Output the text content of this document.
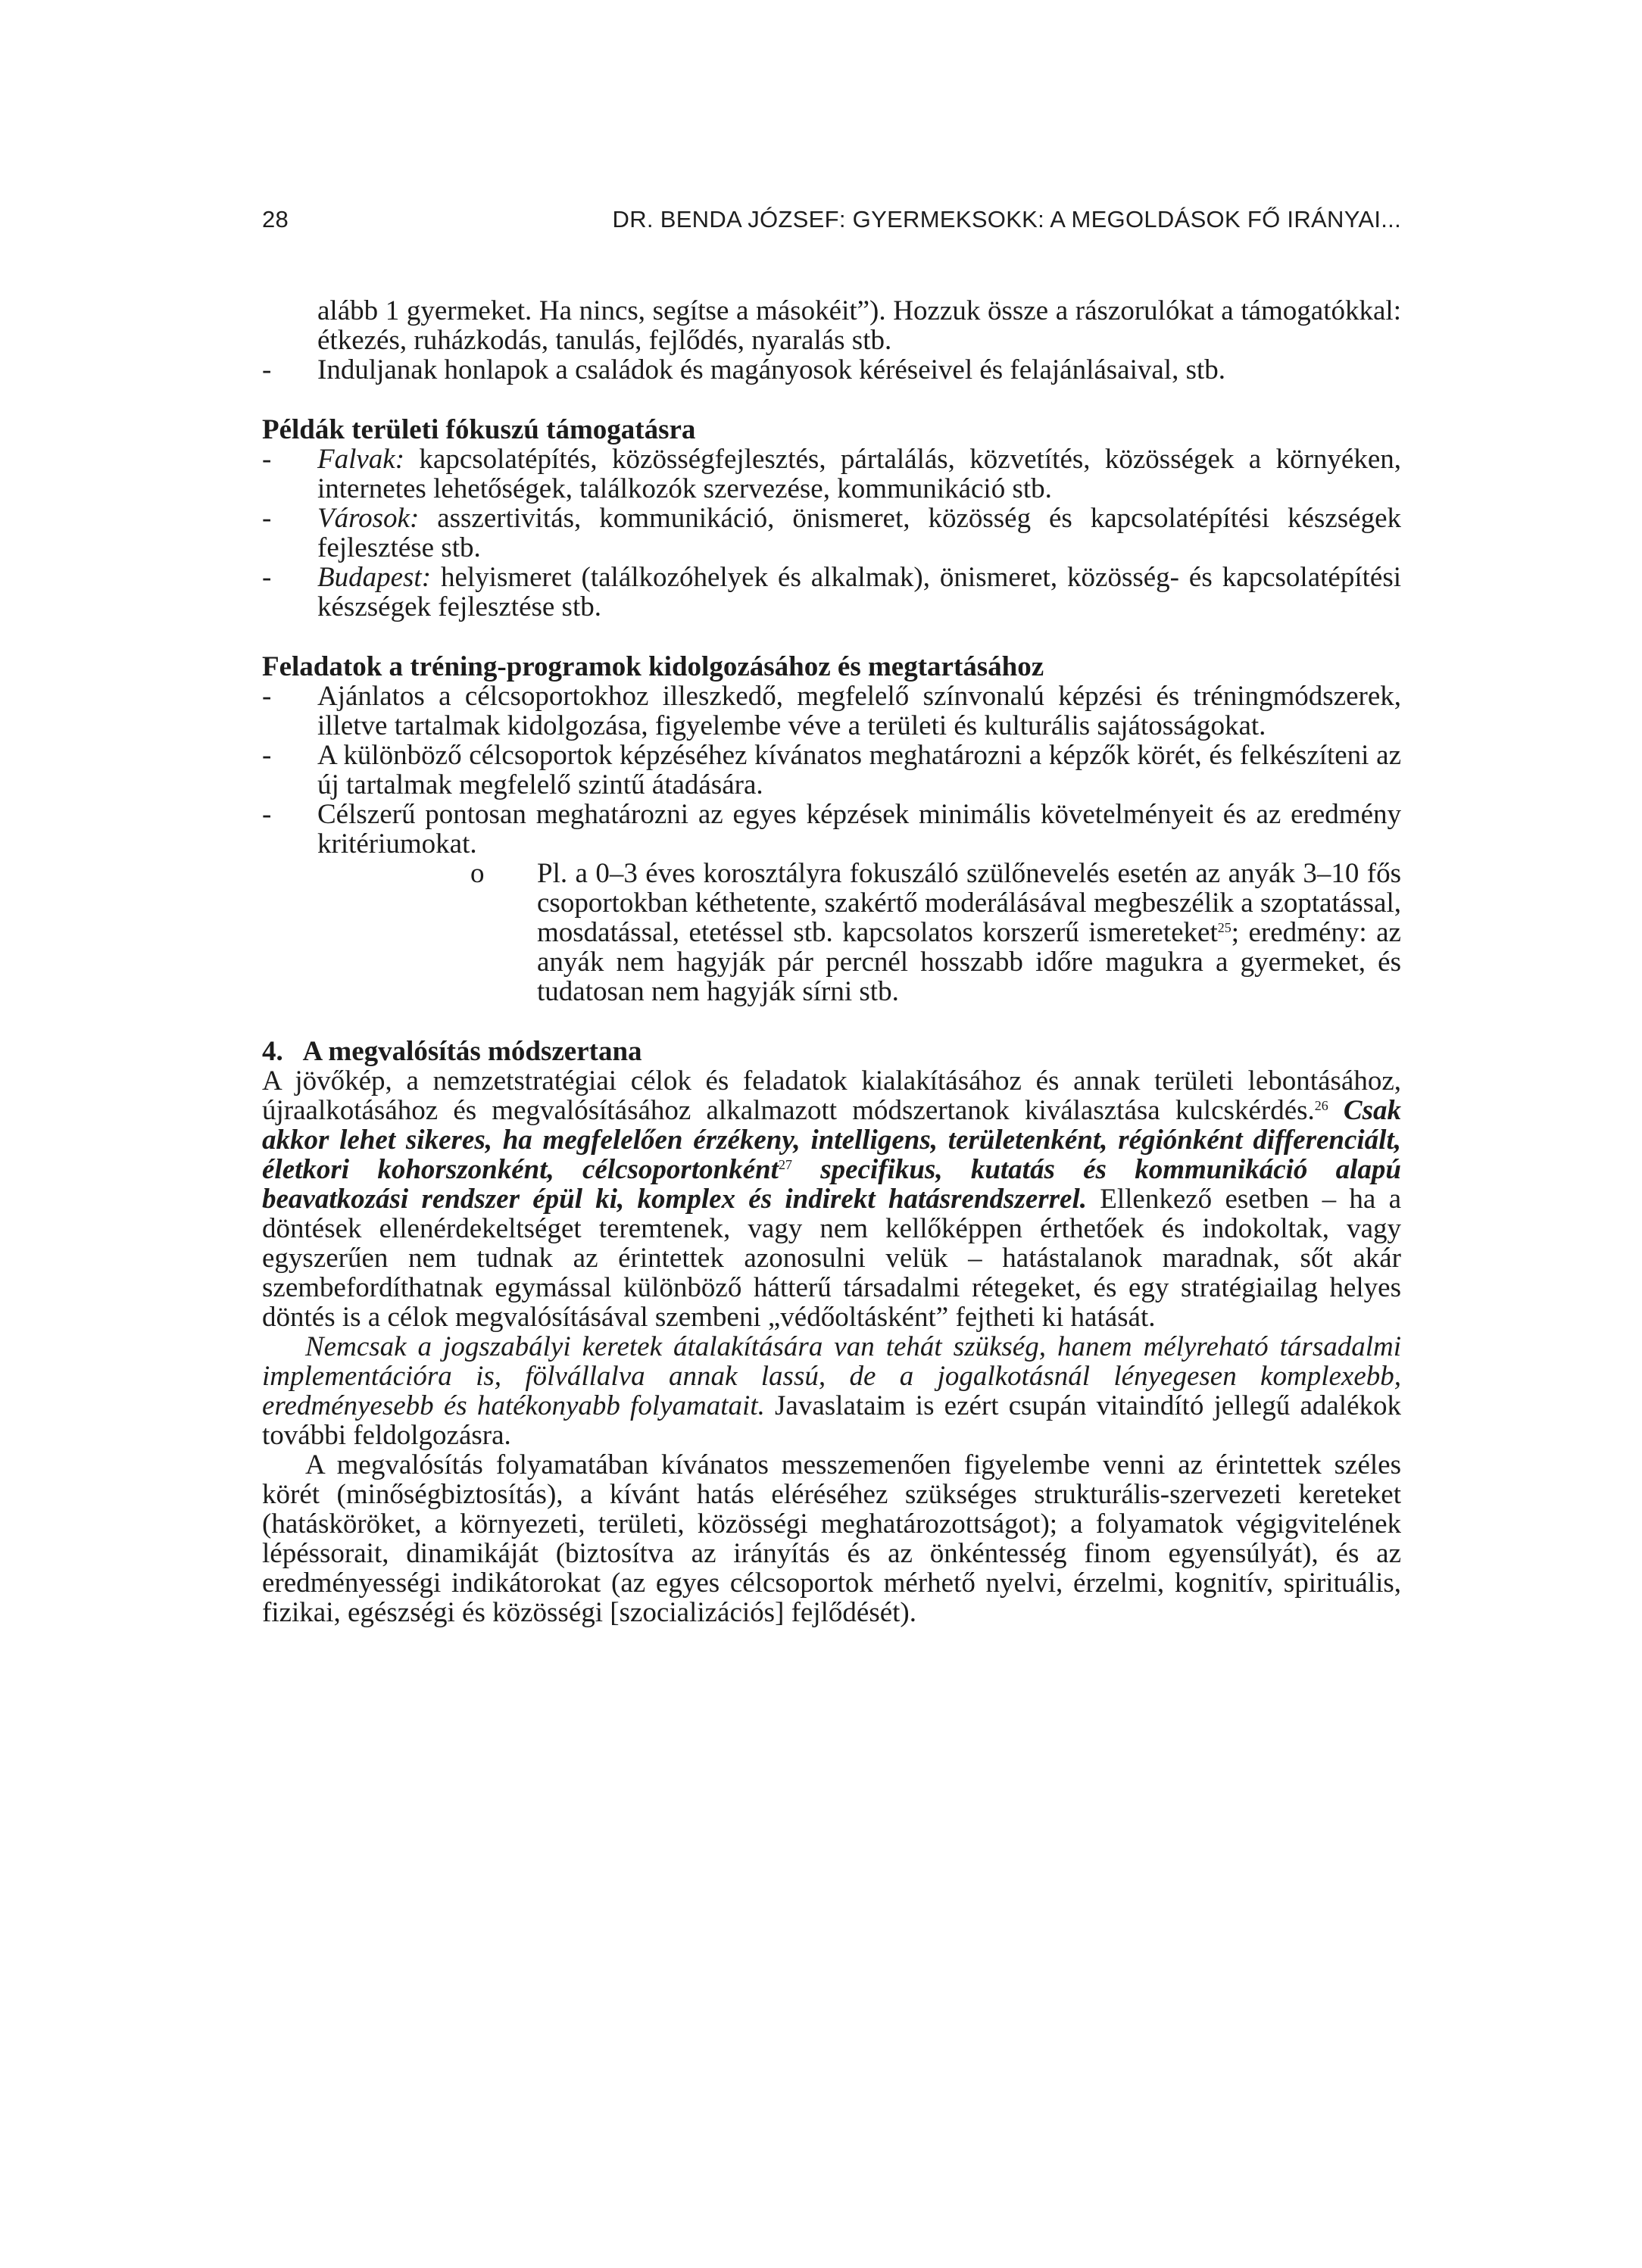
28	DR. BENDA JÓZSEF: GYERMEKSOKK: A MEGOLDÁSOK FŐ IRÁNYAI...

alább 1 gyermeket. Ha nincs, segítse a másokéit”). Hozzuk össze a rászorulókat a támogatókkal: étkezés, ruházkodás, tanulás, fejlődés, nyaralás stb.

- Induljanak honlapok a családok és magányosok kéréseivel és felajánlásaival, stb.

Példák területi fókuszú támogatásra
- Falvak: kapcsolatépítés, közösségfejlesztés, pártalálás, közvetítés, közösségek a környéken, internetes lehetőségek, találkozók szervezése, kommunikáció stb.

- Városok: asszertivitás, kommunikáció, önismeret, közösség és kapcsolatépítési készségek fejlesztése stb.

- Budapest: helyismeret (találkozóhelyek és alkalmak), önismeret, közösség- és kapcsolatépítési készségek fejlesztése stb.

Feladatok a tréning-programok kidolgozásához és megtartásához
- Ajánlatos a célcsoportokhoz illeszkedő, megfelelő színvonalú képzési és tréningmódszerek, illetve tartalmak kidolgozása, figyelembe véve a területi és kulturális sajátosságokat.

- A különböző célcsoportok képzéséhez kívánatos meghatározni a képzők körét, és felkészíteni az új tartalmak megfelelő szintű átadására.

- Célszerű pontosan meghatározni az egyes képzések minimális követelményeit és az eredmény kritériumokat.

o Pl. a 0–3 éves korosztályra fokuszáló szülőnevelés esetén az anyák 3–10 fős csoportokban kéthetente, szakértő moderálásával megbeszélik a szoptatással, mosdatással, etetéssel stb. kapcsolatos korszerű ismereteket$^{25}$; eredmény: az anyák nem hagyják pár percnél hosszabb időre magukra a gyermeket, és tudatosan nem hagyják sírni stb.

4.   A megvalósítás módszertana

A jövőkép, a nemzetstratégiai célok és feladatok kialakításához és annak területi lebontásához, újraalkotásához és megvalósításához alkalmazott módszertanok kiválasztása kulcskérdés.$^{26}$ Csak akkor lehet sikeres, ha megfelelően érzékeny, intelligens, területenként, régiónként differenciált, életkori kohorszonként, célcsoportonként$^{27}$ specifikus, kutatás és kommunikáció alapú beavatkozási rendszer épül ki, komplex és indirekt hatásrendszerrel. Ellenkező esetben – ha a döntések ellenérdekeltséget teremtenek, vagy nem kellőképpen érthetőek és indokoltak, vagy egyszerűen nem tudnak az érintettek azonosulni velük – hatástalanok maradnak, sőt akár szembefordíthatnak egymással különböző hátterű társadalmi rétegeket, és egy stratégiailag helyes döntés is a célok megvalósításával szembeni „védőoltásként” fejtheti ki hatását.

Nemcsak a jogszabályi keretek átalakítására van tehát szükség, hanem mélyreható társadalmi implementációra is, fölvállalva annak lassú, de a jogalkotásnál lényegesen komplexebb, eredményesebb és hatékonyabb folyamatait. Javaslataim is ezért csupán vitaindító jellegű adalékok további feldolgozásra.

A megvalósítás folyamatában kívánatos messzemenően figyelembe venni az érintettek széles körét (minőségbiztosítás), a kívánt hatás eléréséhez szükséges strukturális-szervezeti kereteket (hatásköröket, a környezeti, területi, közösségi meghatározottságot); a folyamatok végigvitelének lépéssorait, dinamikáját (biztosítva az irányítás és az önkéntesség finom egyensúlyát), és az eredményességi indikátorokat (az egyes célcsoportok mérhető nyelvi, érzelmi, kognitív, spirituális, fizikai, egészségi és közösségi [szocializációs] fejlődését).
